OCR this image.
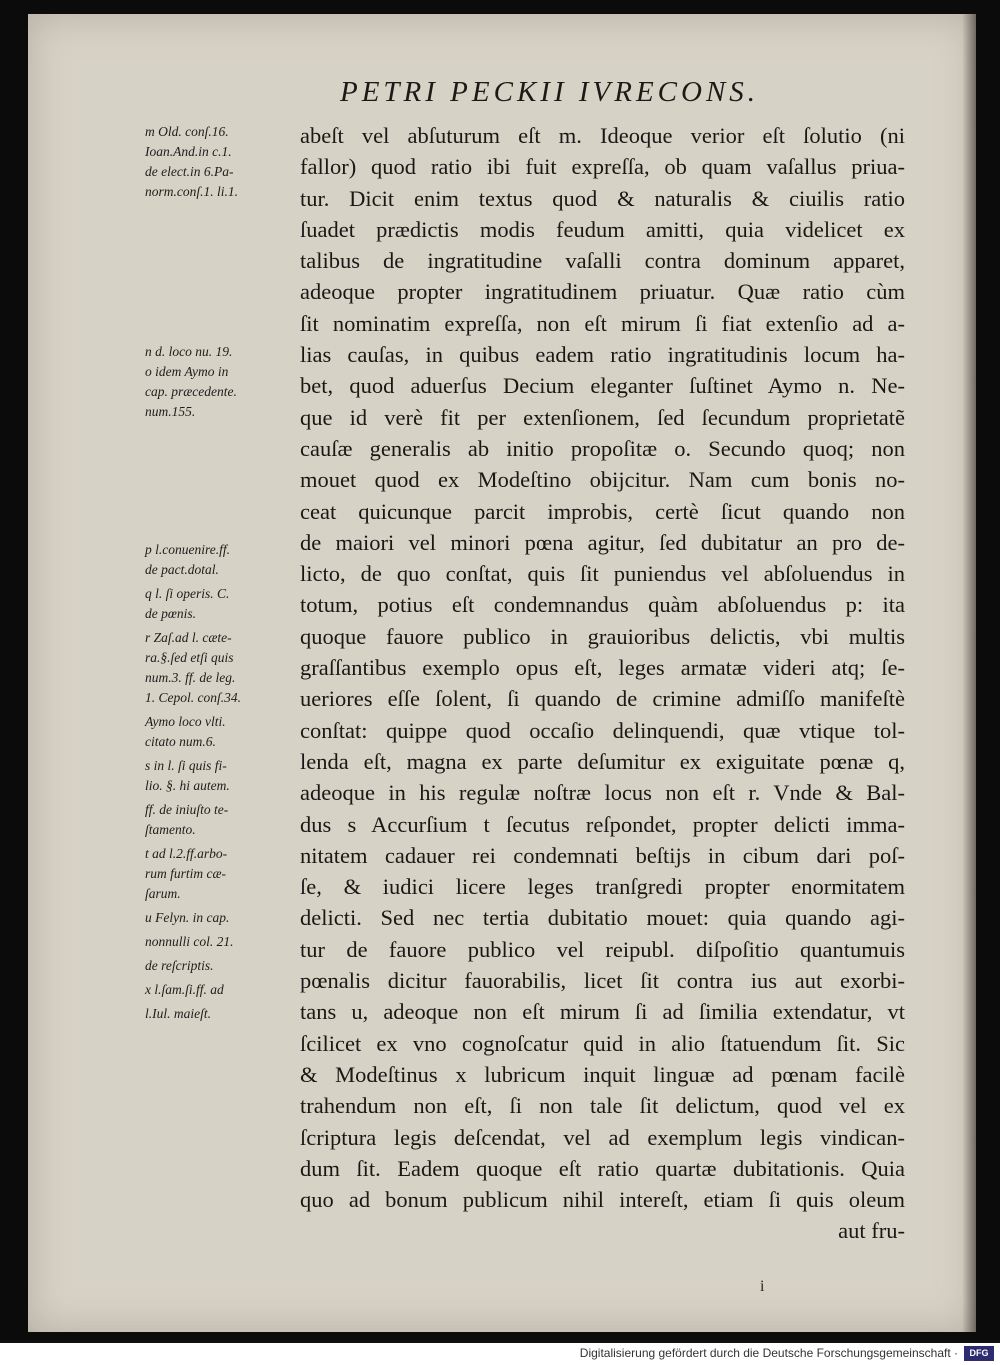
PETRI PECKII IVRECONS.
m Old. conſ.16.
Ioan.And.in c.1.
de elect.in 6.Pa-
norm.conſ.1. li.1.
n d. loco nu. 19.
o idem Aymo in
cap. præcedente.
num.155.
p l.conuenire.ff.
de pact.dotal.
q l. ſi operis. C.
de pœnis.
r Zaſ.ad l. cæte-
ra.§.ſed etſi quis
num.3. ff. de leg.
1. Cepol. conſ.34.
Aymo loco vlti.
citato num.6.
s in l. ſi quis fi-
lio. §. hi autem.
ff. de iniuſto te-
ſtamento.
t ad l.2.ff.arbo-
rum furtim cæ-
ſarum.
u Felyn. in cap.
nonnulli col. 21.
de reſcriptis.
x l.ſam.ſi.ff. ad
l.Iul. maieſt.
abeſt vel abſuturum eſt m. Ideoque verior eſt ſolutio (ni
fallor) quod ratio ibi fuit expreſſa, ob quam vaſallus priua-
tur. Dicit enim textus quod & naturalis & ciuilis ratio
ſuadet prædictis modis feudum amitti, quia videlicet ex
talibus de ingratitudine vaſalli contra dominum apparet,
adeoque propter ingratitudinem priuatur. Quæ ratio cùm
ſit nominatim expreſſa, non eſt mirum ſi fiat extenſio ad a-
lias cauſas, in quibus eadem ratio ingratitudinis locum ha-
bet, quod aduerſus Decium eleganter ſuſtinet Aymo n. Ne-
que id verè fit per extenſionem, ſed ſecundum proprietatẽ
cauſæ generalis ab initio propoſitæ o. Secundo quoq; non
mouet quod ex Modeſtino obijcitur. Nam cum bonis no-
ceat quicunque parcit improbis, certè ſicut quando non
de maiori vel minori pœna agitur, ſed dubitatur an pro de-
licto, de quo conſtat, quis ſit puniendus vel abſoluendus in
totum, potius eſt condemnandus quàm abſoluendus p: ita
quoque fauore publico in grauioribus delictis, vbi multis
graſſantibus exemplo opus eſt, leges armatæ videri atq; ſe-
ueriores eſſe ſolent, ſi quando de crimine admiſſo manifeſtè
conſtat: quippe quod occaſio delinquendi, quæ vtique tol-
lenda eſt, magna ex parte deſumitur ex exiguitate pœnæ q,
adeoque in his regulæ noſtræ locus non eſt r. Vnde & Bal-
dus s Accurſium t ſecutus reſpondet, propter delicti imma-
nitatem cadauer rei condemnati beſtijs in cibum dari poſ-
ſe, & iudici licere leges tranſgredi propter enormitatem
delicti. Sed nec tertia dubitatio mouet: quia quando agi-
tur de fauore publico vel reipubl. diſpoſitio quantumuis
pœnalis dicitur fauorabilis, licet ſit contra ius aut exorbi-
tans u, adeoque non eſt mirum ſi ad ſimilia extendatur, vt
ſcilicet ex vno cognoſcatur quid in alio ſtatuendum ſit. Sic
& Modeſtinus x lubricum inquit linguæ ad pœnam facilè
trahendum non eſt, ſi non tale ſit delictum, quod vel ex
ſcriptura legis deſcendat, vel ad exemplum legis vindican-
dum ſit. Eadem quoque eſt ratio quartæ dubitationis. Quia
quo ad bonum publicum nihil intereſt, etiam ſi quis oleum
aut fru-
i
Digitalisierung gefördert durch die Deutsche Forschungsgemeinschaft ·	DFG
